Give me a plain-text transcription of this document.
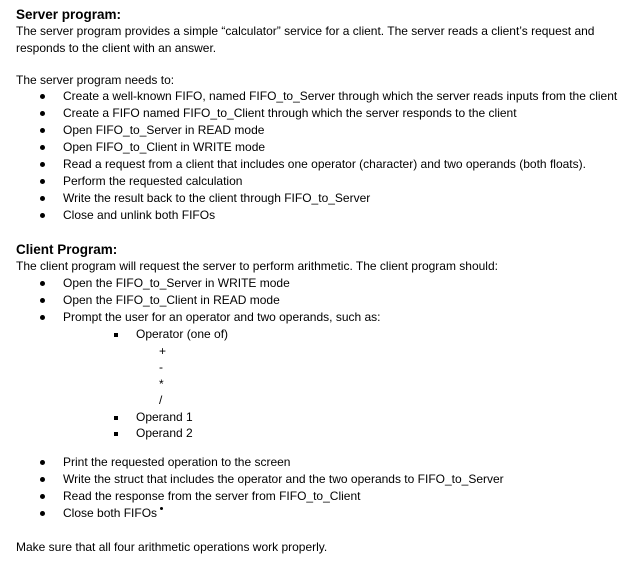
Server program:
The server program provides a simple “calculator” service for a client. The server reads a client’s request and
responds to the client with an answer.
The server program needs to:
Create a well-known FIFO, named FIFO_to_Server through which the server reads inputs from the client
Create a FIFO named FIFO_to_Client through which the server responds to the client
Open FIFO_to_Server in READ mode
Open FIFO_to_Client in WRITE mode
Read a request from a client that includes one operator (character) and two operands (both floats).
Perform the requested calculation
Write the result back to the client through FIFO_to_Server
Close and unlink both FIFOs
Client Program:
The client program will request the server to perform arithmetic. The client program should:
Open the FIFO_to_Server in WRITE mode
Open the FIFO_to_Client in READ mode
Prompt the user for an operator and two operands, such as:
Operator (one of)
+
-
*
/
Operand 1
Operand 2
Print the requested operation to the screen
Write the struct that includes the operator and the two operands to FIFO_to_Server
Read the response from the server from FIFO_to_Client
Close both FIFOs
Make sure that all four arithmetic operations work properly.
